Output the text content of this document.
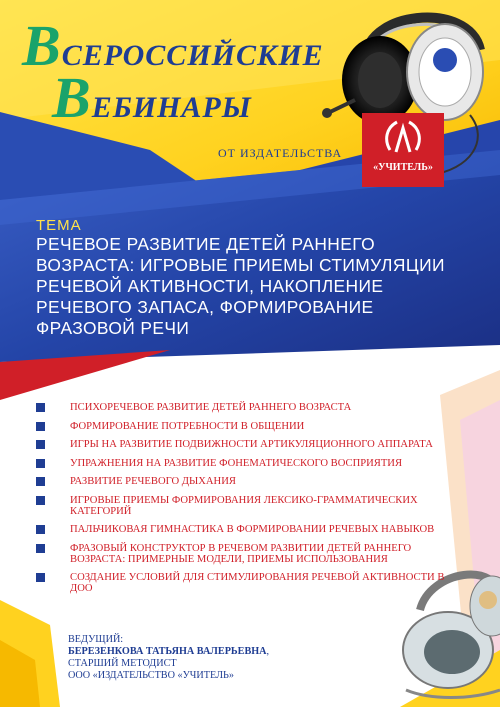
ВСЕРОССИЙСКИЕ
ВЕБИНАРЫ
ОТ ИЗДАТЕЛЬСТВА
«УЧИТЕЛЬ»
ТЕМА
РЕЧЕВОЕ РАЗВИТИЕ ДЕТЕЙ РАННЕГО ВОЗРАСТА: ИГРОВЫЕ ПРИЕМЫ СТИМУЛЯЦИИ РЕЧЕВОЙ АКТИВНОСТИ, НАКОПЛЕНИЕ РЕЧЕВОГО ЗАПАСА, ФОРМИРОВАНИЕ ФРАЗОВОЙ РЕЧИ
ПСИХОРЕЧЕВОЕ РАЗВИТИЕ ДЕТЕЙ РАННЕГО ВОЗРАСТА
ФОРМИРОВАНИЕ ПОТРЕБНОСТИ В ОБЩЕНИИ
ИГРЫ НА РАЗВИТИЕ ПОДВИЖНОСТИ АРТИКУЛЯЦИОННОГО АППАРАТА
УПРАЖНЕНИЯ НА РАЗВИТИЕ ФОНЕМАТИЧЕСКОГО ВОСПРИЯТИЯ
РАЗВИТИЕ РЕЧЕВОГО ДЫХАНИЯ
ИГРОВЫЕ ПРИЕМЫ ФОРМИРОВАНИЯ ЛЕКСИКО-ГРАММАТИЧЕСКИХ КАТЕГОРИЙ
ПАЛЬЧИКОВАЯ ГИМНАСТИКА В ФОРМИРОВАНИИ РЕЧЕВЫХ НАВЫКОВ
ФРАЗОВЫЙ КОНСТРУКТОР В РЕЧЕВОМ РАЗВИТИИ ДЕТЕЙ РАННЕГО ВОЗРАСТА: ПРИМЕРНЫЕ МОДЕЛИ, ПРИЕМЫ ИСПОЛЬЗОВАНИЯ
СОЗДАНИЕ УСЛОВИЙ ДЛЯ СТИМУЛИРОВАНИЯ РЕЧЕВОЙ АКТИВНОСТИ В ДОО
ВЕДУЩИЙ:
БЕРЕЗЕНКОВА ТАТЬЯНА ВАЛЕРЬЕВНА,
СТАРШИЙ МЕТОДИСТ
ООО «ИЗДАТЕЛЬСТВО «УЧИТЕЛЬ»
